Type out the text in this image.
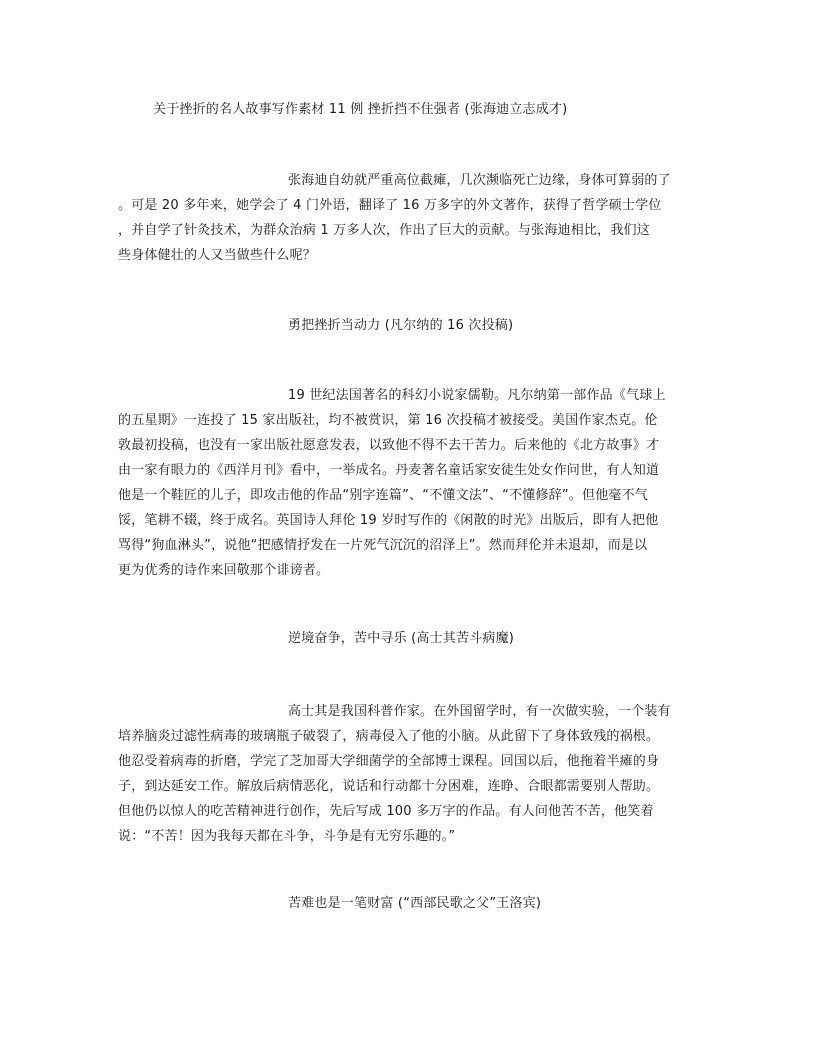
关于挫折的名人故事写作素材 11 例 挫折挡不住强者 (张海迪立志成才)
张海迪自幼就严重高位截瘫，几次濒临死亡边缘，身体可算弱的了
。可是 20 多年来，她学会了 4 门外语，翻译了 16 万多字的外文著作，获得了哲学硕士学位
，并自学了针灸技术，为群众治病 1 万多人次，作出了巨大的贡献。与张海迪相比，我们这
些身体健壮的人又当做些什么呢？
勇把挫折当动力 (凡尔纳的 16 次投稿)
19 世纪法国著名的科幻小说家儒勒。凡尔纳第一部作品《气球上
的五星期》一连投了 15 家出版社，均不被赏识，第 16 次投稿才被接受。美国作家杰克。伦
敦最初投稿，也没有一家出版社愿意发表，以致他不得不去干苦力。后来他的《北方故事》才
由一家有眼力的《西洋月刊》看中，一举成名。丹麦著名童话家安徒生处女作问世，有人知道
他是一个鞋匠的儿子，即攻击他的作品“别字连篇”、“不懂文法”、“不懂修辞”。但他毫不气
馁，笔耕不辍，终于成名。英国诗人拜伦 19 岁时写作的《闲散的时光》出版后，即有人把他
骂得“狗血淋头”，说他“把感情抒发在一片死气沉沉的沼泽上”。然而拜伦并未退却，而是以
更为优秀的诗作来回敬那个诽谤者。
逆境奋争，苦中寻乐 (高士其苦斗病魔)
高士其是我国科普作家。在外国留学时，有一次做实验，一个装有
培养脑炎过滤性病毒的玻璃瓶子破裂了，病毒侵入了他的小脑。从此留下了身体致残的祸根。
他忍受着病毒的折磨，学完了芝加哥大学细菌学的全部博士课程。回国以后，他拖着半瘫的身
子，到达延安工作。解放后病情恶化，说话和行动都十分困难，连睁、合眼都需要别人帮助。
但他仍以惊人的吃苦精神进行创作，先后写成 100 多万字的作品。有人问他苦不苦，他笑着
说：“不苦！因为我每天都在斗争，斗争是有无穷乐趣的。”
苦难也是一笔财富 (“西部民歌之父”王洛宾)
